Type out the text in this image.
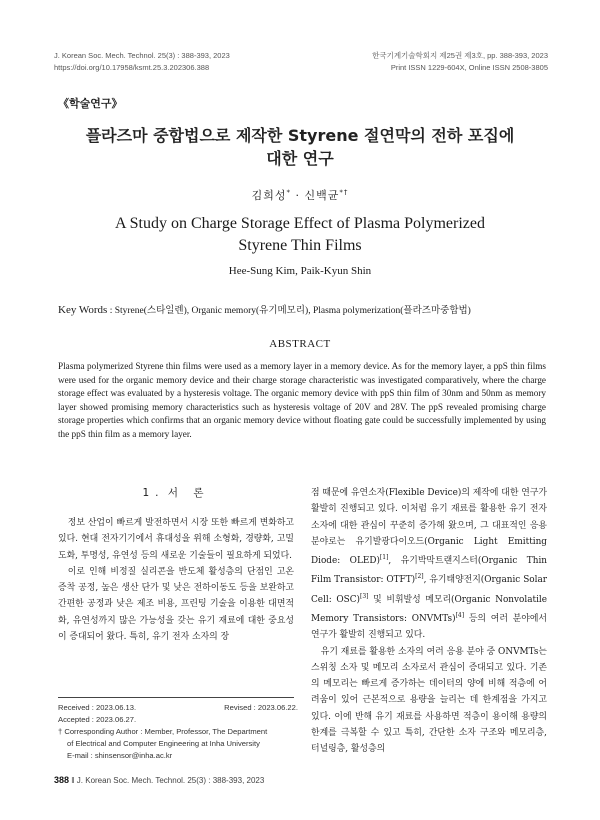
J. Korean Soc. Mech. Technol. 25(3) : 388-393, 2023
https://doi.org/10.17958/ksmt.25.3.202306.388
한국기계기술학회지 제25권 제3호, pp. 388-393, 2023
Print ISSN 1229-604X, Online ISSN 2508-3805
《학술연구》
플라즈마 중합법으로 제작한 Styrene 절연막의 전하 포집에
대한 연구
김희성* · 신백균*†
A Study on Charge Storage Effect of Plasma Polymerized
Styrene Thin Films
Hee-Sung Kim, Paik-Kyun Shin
Key Words : Styrene(스타일렌), Organic memory(유기메모리), Plasma polymerization(플라즈마중합법)
ABSTRACT
Plasma polymerized Styrene thin films were used as a memory layer in a memory device. As for the memory layer, a ppS thin films were used for the organic memory device and their charge storage characteristic was investigated comparatively, where the charge storage effect was evaluated by a hysteresis voltage. The organic memory device with ppS thin film of 30nm and 50nm as memory layer showed promising memory characteristics such as hysteresis voltage of 20V and 28V. The ppS revealed promising charge storage properties which confirms that an organic memory device without floating gate could be successfully implemented by using the ppS thin film as a memory layer.
1. 서 론
정보 산업이 빠르게 발전하면서 시장 또한 빠르게 변화하고 있다. 현대 전자기기에서 휴대성을 위해 소형화, 경량화, 고밀도화, 투명성, 유연성 등의 새로운 기술들이 필요하게 되었다.
이로 인해 비정질 실리콘을 반도체 활성층의 단점인 고온 증착 공정, 높은 생산 단가 및 낮은 전하이동도 등을 보완하고 간편한 공정과 낮은 제조 비용, 프린팅 기술을 이용한 대면적화, 유연성까지 많은 가능성을 갖는 유기 재료에 대한 중요성이 증대되어 왔다. 특히, 유기 전자 소자의 장
점 때문에 유연소자(Flexible Device)의 제작에 대한 연구가 활발히 진행되고 있다. 이처럼 유기 재료를 활용한 유기 전자 소자에 대한 관심이 꾸준히 증가해 왔으며, 그 대표적인 응용 분야로는 유기발광다이오드(Organic Light Emitting Diode: OLED)[1], 유기박막트랜지스터(Organic Thin Film Transistor: OTFT)[2], 유기태양전지(Organic Solar Cell: OSC)[3] 및 비휘발성 메모리(Organic Nonvolatile Memory Transistors: ONVMTs)[4] 등의 여러 분야에서 연구가 활발히 진행되고 있다.
유기 재료를 활용한 소자의 여러 응용 분야 중 ONVMTs는 스위칭 소자 및 메모리 소자로서 관심이 증대되고 있다. 기존의 메모리는 빠르게 증가하는 데이터의 양에 비해 적층에 어려움이 있어 근본적으로 용량을 늘리는 데 한계점을 가지고 있다. 이에 반해 유기 재료를 사용하면 적층이 용이해 용량의 한계를 극복할 수 있고 특히, 간단한 소자 구조와 메모리층, 터널링층, 활성층의
Received : 2023.06.13.	Revised : 2023.06.22.
Accepted : 2023.06.27.
† Corresponding Author : Member, Professor, The Department
of Electrical and Computer Engineering at Inha University
E-mail : shinsensor@inha.ac.kr
388 ‖ J. Korean Soc. Mech. Technol. 25(3) : 388-393, 2023
